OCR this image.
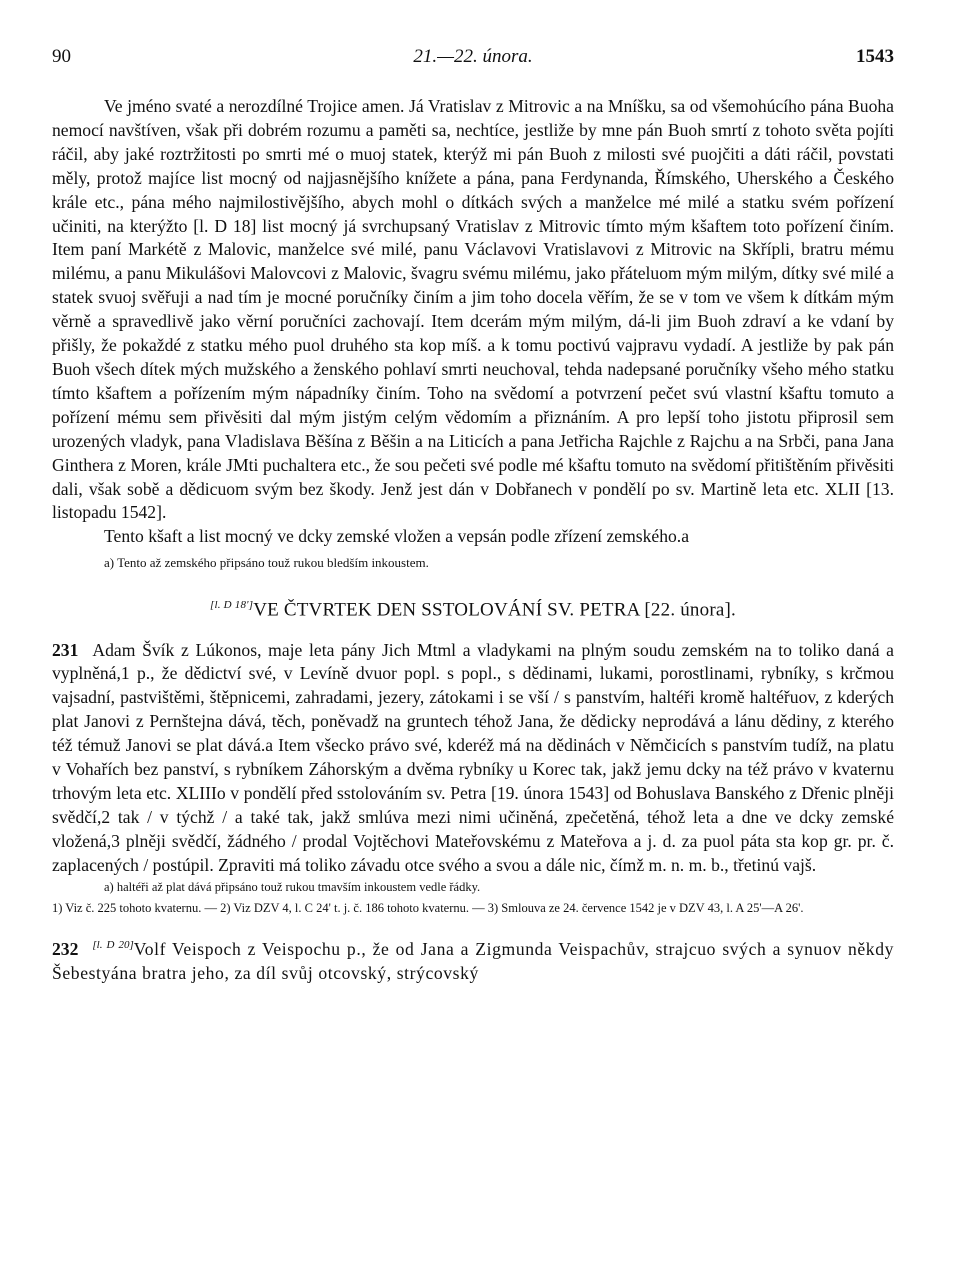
90	21.—22. února.	1543

Ve jméno svaté a nerozdílné Trojice amen. Já Vratislav z Mitrovic a na Mníšku, sa od všemohúcího pána Buoha nemocí navštíven, však při dobrém rozumu a paměti sa, nechtíce, jestliže by mne pán Buoh smrtí z tohoto světa pojíti ráčil, aby jaké roztržitosti po smrti mé o muoj statek, kterýž mi pán Buoh z milosti své puojčiti a dáti ráčil, povstati měly, protož majíce list mocný od najjasnějšího knížete a pána, pana Ferdynanda, Římského, Uherského a Českého krále etc., pána mého najmilostivějšího, abych mohl o dítkách svých a manželce mé milé a statku svém pořízení učiniti, na kterýžto [l. D 18] list mocný já svrchupsaný Vratislav z Mitrovic tímto mým kšaftem toto pořízení činím. Item paní Markétě z Malovic, manželce své milé, panu Václavovi Vratislavovi z Mitrovic na Skřípli, bratru mému milému, a panu Mikulášovi Malovcovi z Malovic, švagru svému milému, jako přáteluom mým milým, dítky své milé a statek svuoj svěřuji a nad tím je mocné poručníky činím a jim toho docela věřím, že se v tom ve všem k dítkám mým věrně a spravedlivě jako věrní poručníci zachovají. Item dcerám mým milým, dá-li jim Buoh zdraví a ke vdaní by přišly, že pokaždé z statku mého puol druhého sta kop míš. a k tomu poctivú vajpravu vydadí. A jestliže by pak pán Buoh všech dítek mých mužského a ženského pohlaví smrti neuchoval, tehda nadepsané poručníky všeho mého statku tímto kšaftem a pořízením mým nápadníky činím. Toho na svědomí a potvrzení pečet svú vlastní kšaftu tomuto a pořízení mému sem přivěsiti dal mým jistým celým vědomím a přiznáním. A pro lepší toho jistotu připrosil sem urozených vladyk, pana Vladislava Běšína z Běšin a na Liticích a pana Jetřicha Rajchle z Rajchu a na Srbči, pana Jana Ginthera z Moren, krále JMti puchaltera etc., že sou pečeti své podle mé kšaftu tomuto na svědomí přitištěním přivěsiti dali, však sobě a dědicuom svým bez škody. Jenž jest dán v Dobřanech v pondělí po sv. Martině leta etc. XLII [13. listopadu 1542].

Tento kšaft a list mocný ve dcky zemské vložen a vepsán podle zřízení zemského.a

a) Tento až zemského připsáno touž rukou bledším inkoustem.

[l. D 18']VE ČTVRTEK DEN SSTOLOVÁNÍ SV. PETRA [22. února].
231 Adam Švík z Lúkonos, maje leta pány Jich Mtml a vladykami na plným soudu zemském na to toliko daná a vyplněná,1 p., že dědictví své, v Levíně dvuor popl. s popl., s dědinami, lukami, porostlinami, rybníky, s krčmou vajsadní, pastvištěmi, štěpnicemi, zahradami, jezery, zátokami i se vší / s panstvím, haltéři kromě haltéřuov, z kderých plat Janovi z Pernštejna dává, těch, poněvadž na gruntech téhož Jana, že dědicky neprodává a lánu dědiny, z kterého též témuž Janovi se plat dává.a Item všecko právo své, kderéž má na dědinách v Němčicích s panstvím tudíž, na platu v Vohařích bez panství, s rybníkem Záhorským a dvěma rybníky u Korec tak, jakž jemu dcky na též právo v kvaternu trhovým leta etc. XLIIIo v pondělí před sstolováním sv. Petra [19. února 1543] od Bohuslava Banského z Dřenic plněji svědčí,2 tak / v týchž / a také tak, jakž smlúva mezi nimi učiněná, zpečetěná, téhož leta a dne ve dcky zemské vložená,3 plněji svědčí, žádného / prodal Vojtěchovi Mateřovskému z Mateřova a j. d. za puol páta sta kop gr. pr. č. zaplacených / postúpil. Zpraviti má toliko závadu otce svého a svou a dále nic, čímž m. n. m. b., třetinú vajš.

a) haltéři až plat dává připsáno touž rukou tmavším inkoustem vedle řádky.

1) Viz č. 225 tohoto kvaternu. — 2) Viz DZV 4, l. C 24' t. j. č. 186 tohoto kvaternu. — 3) Smlouva ze 24. července 1542 je v DZV 43, l. A 25'—A 26'.

232 [l. D 20]Volf Veispoch z Veispochu p., že od Jana a Zigmunda Veispachův, strajcuo svých a synuov někdy Šebestyána bratra jeho, za díl svůj otcovský, strýcovský
